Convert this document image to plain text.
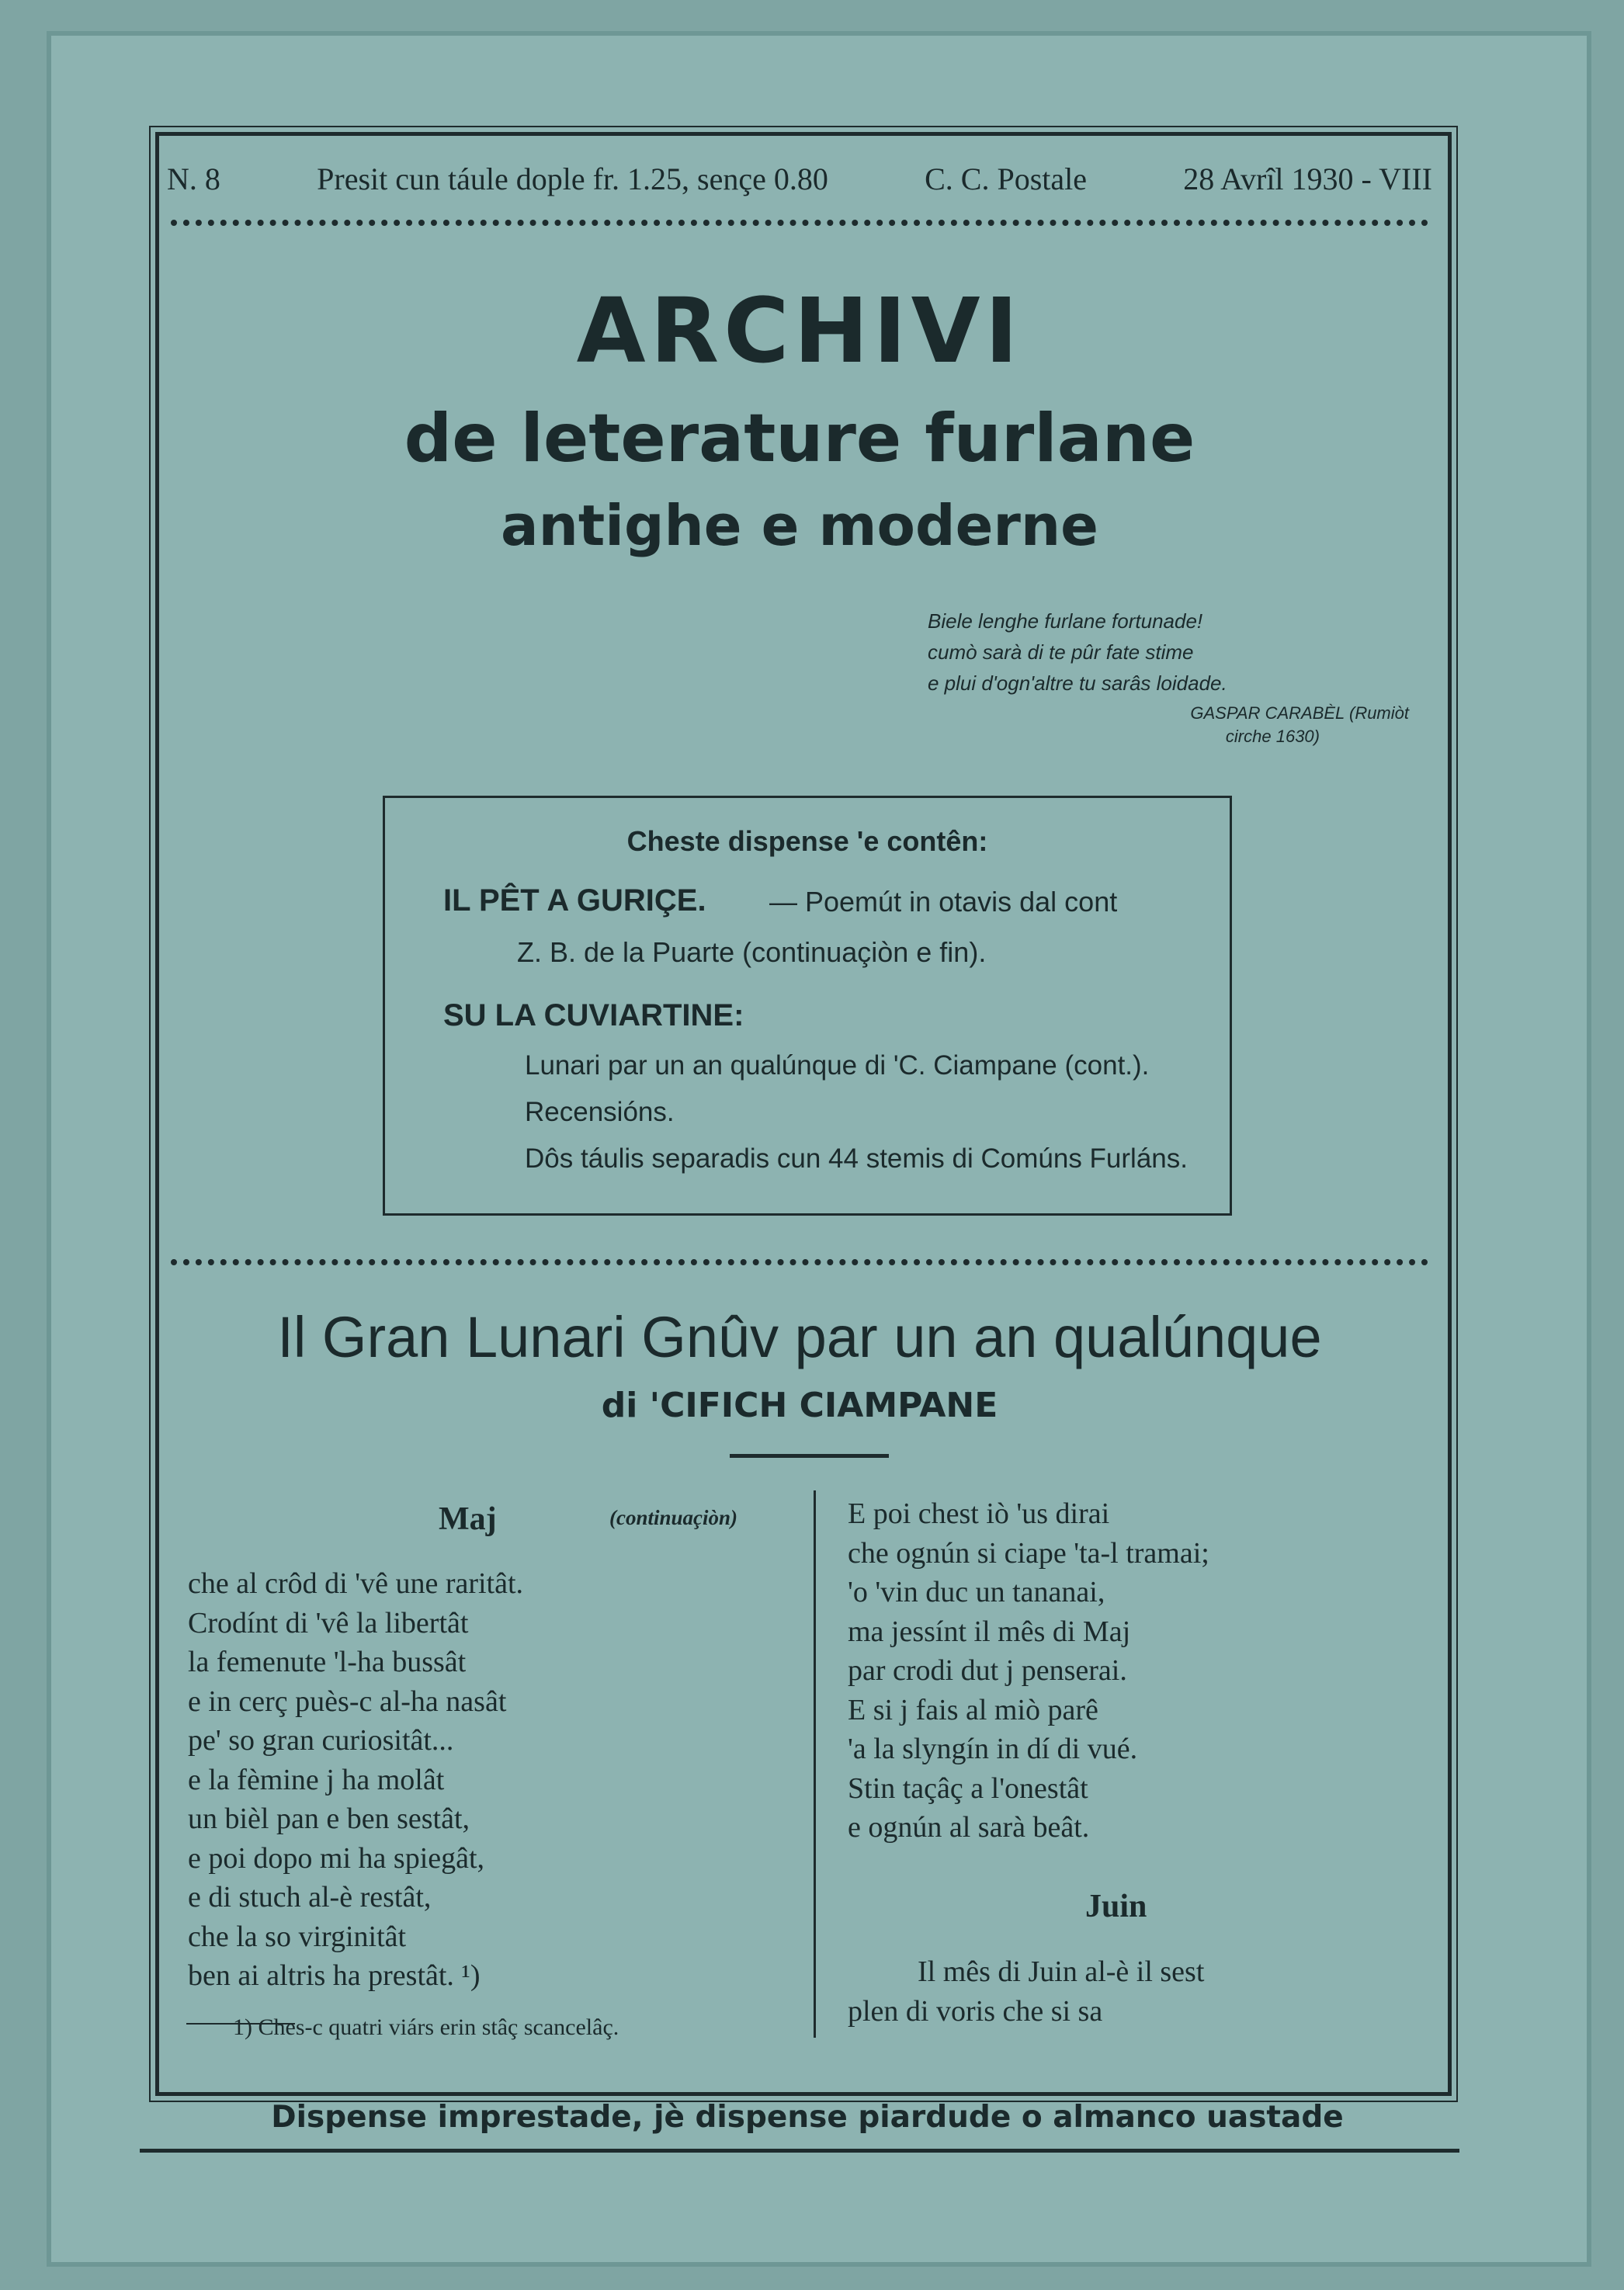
N. 8	Presit cun táule dople fr. 1.25, sençe 0.80	C. C. Postale	28 Avrîl 1930 - VIII
ARCHIVI
de leterature furlane
antighe e moderne
Biele lenghe furlane fortunade!
cumò sarà di te pûr fate stime
e plui d'ogn'altre tu sarâs loidade.
GASPAR CARABÈL (Rumiòt
cirche 1630)
Cheste dispense 'e contên:
IL PÊT A GURIÇE. — Poemút in otavis dal cont
Z. B. de la Puarte (continuaçiòn e fin).
SU LA CUVIARTINE:
Lunari par un an qualúnque di 'C. Ciampane (cont.).
Recensións.
Dôs táulis separadis cun 44 stemis di Comúns Furláns.
Il Gran Lunari Gnûv par un an qualúnque
di 'CIFICH CIAMPANE
Maj	(continuaçiòn)
che al crôd di 'vê une raritât.
Crodínt di 'vê la libertât
la femenute 'l-ha bussât
e in cerç puès-c al-ha nasât
pe' so gran curiositât...
e la fèmine j ha molât
un bièl pan e ben sestât,
e poi dopo mi ha spiegât,
e di stuch al-è restât,
che la so virginitât
ben ai altris ha prestât. ¹)
1) Ches-c quatri viárs erin stâç scancelâç.
E poi chest iò 'us dirai
che ognún si ciape 'ta-l tramai;
'o 'vin duc un tananai,
ma jessínt il mês di Maj
par crodi dut j penserai.
E si j fais al miò parê
'a la slyngín in dí di vué.
Stin taçâç a l'onestât
e ognún al sarà beât.
Juin
Il mês di Juin al-è il sest
plen di voris che si sa
Dispense imprestade, jè dispense piardude o almanco uastade
